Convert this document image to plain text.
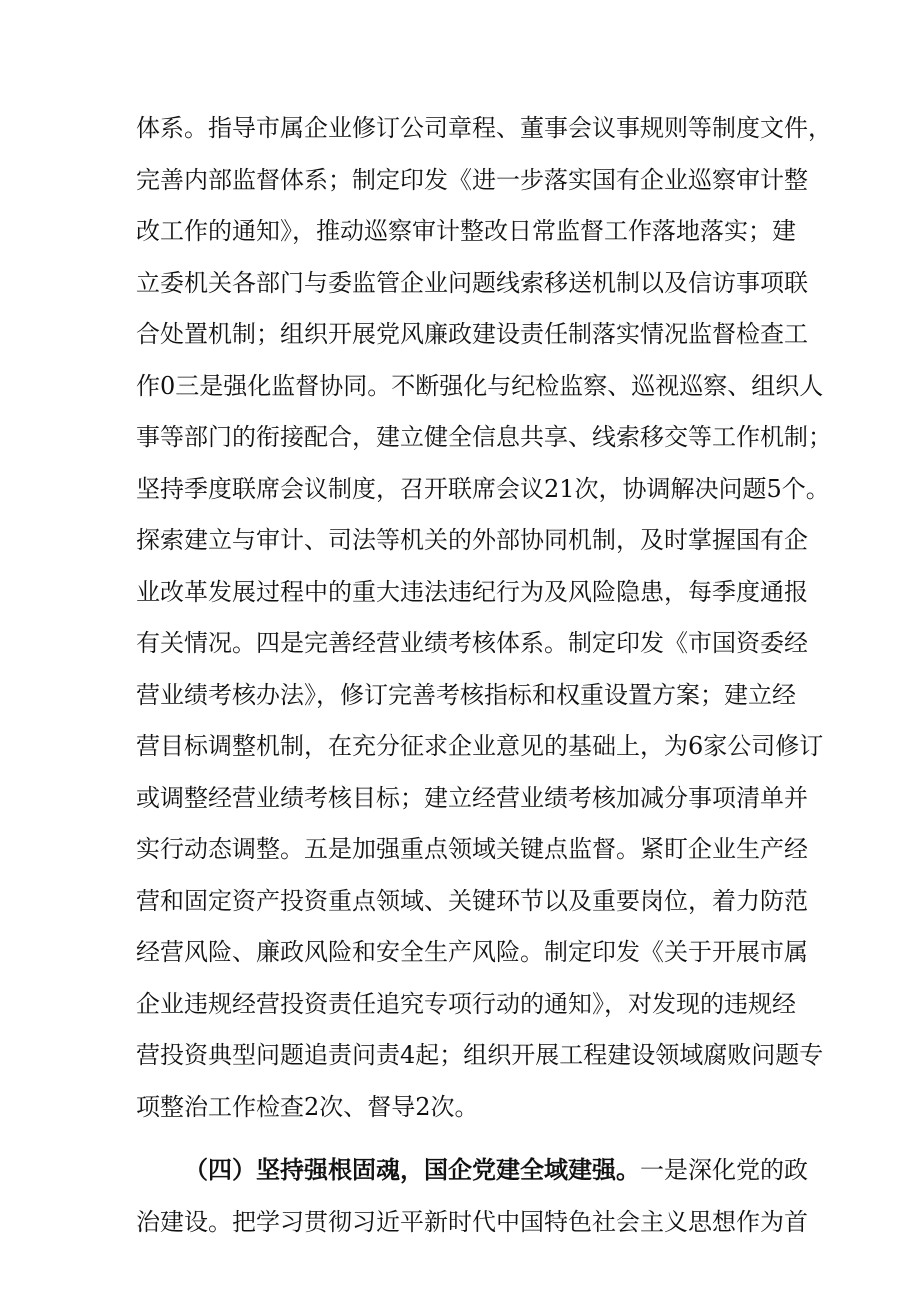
体系。指导市属企业修订公司章程、董事会议事规则等制度文件，
完善内部监督体系；制定印发《进一步落实国有企业巡察审计整
改工作的通知》，推动巡察审计整改日常监督工作落地落实；建
立委机关各部门与委监管企业问题线索移送机制以及信访事项联
合处置机制；组织开展党风廉政建设责任制落实情况监督检查工
作0三是强化监督协同。不断强化与纪检监察、巡视巡察、组织人
事等部门的衔接配合，建立健全信息共享、线索移交等工作机制；
坚持季度联席会议制度，召开联席会议21次，协调解决问题5个。
探索建立与审计、司法等机关的外部协同机制，及时掌握国有企
业改革发展过程中的重大违法违纪行为及风险隐患，每季度通报
有关情况。四是完善经营业绩考核体系。制定印发《市国资委经
营业绩考核办法》，修订完善考核指标和权重设置方案；建立经
营目标调整机制，在充分征求企业意见的基础上，为6家公司修订
或调整经营业绩考核目标；建立经营业绩考核加减分事项清单并
实行动态调整。五是加强重点领域关键点监督。紧盯企业生产经
营和固定资产投资重点领域、关键环节以及重要岗位，着力防范
经营风险、廉政风险和安全生产风险。制定印发《关于开展市属
企业违规经营投资责任追究专项行动的通知》，对发现的违规经
营投资典型问题追责问责4起；组织开展工程建设领域腐败问题专
项整治工作检查2次、督导2次。
（四）坚持强根固魂，国企党建全域建强。一是深化党的政
治建设。把学习贯彻习近平新时代中国特色社会主义思想作为首
